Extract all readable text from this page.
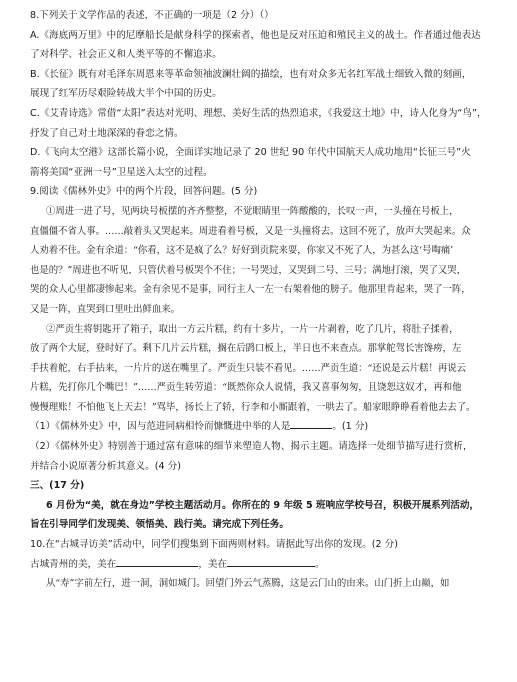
8.下列关于文学作品的表述，不正确的一项是（2 分）（）
A.《海底两万里》中的尼摩船长是献身科学的探索者，他也是反对压迫和殖民主义的战士。作者通过他表达
了对科学、社会正义和人类平等的不懈追求。
B.《长征》既有对毛泽东周恩来等革命领袖波澜壮阔的描绘，也有对众多无名红军战士细致入微的刻画，
展现了红军历尽艰险转战大半个中国的历史。
C.《艾青诗选》常借“太阳”表达对光明、理想、美好生活的热烈追求，《我爱这土地》中，诗人化身为“鸟”，
抒发了自己对土地深深的眷恋之情。
D.《飞向太空港》这部长篇小说，全面详实地记录了 20 世纪 90 年代中国航天人成功地用“长征三号”火
箭将美国“亚洲一号”卫星送入太空的过程。
9.阅读《儒林外史》中的两个片段，回答问题。(5 分)
①周进一进了号，见两块号板摆的齐齐整整，不觉眼睛里一阵酸酸的，长叹一声，一头撞在号板上，
直僵僵不省人事。……敲着头又哭起来。周进看着号板，又是一头撞将去。这回不死了，放声大哭起来。众
人劝着不住。金有余道：“你看，这不是疯了么？好好到贡院来耍，你家又不死了人，为甚么这‘号啕痛’
也是的？”周进也不听见，只管伏着号板哭个不住；一号哭过，又哭到二号、三号；满地打滚，哭了又哭，
哭的众人心里都凄惨起来。金有余见不是事，同行主人一左一右架着他的膀子。他那里肯起来，哭了一阵，
又是一阵，直哭到口里吐出鲜血来。
②严贡生将钥匙开了箱子，取出一方云片糕，约有十多片，一片一片剥着，吃了几片，将肚子揉着，
放了两个大屁，登时好了。剩下几片云片糕，搁在后鹍口板上，半日也不来查点。那掌舵驾长害馋痨，左
手扶着舵，右手拈来，一片片的送在嘴里了。严贡生只装不看见。……严贡生道：“还说是云片糕！再说云
片糕，先打你几个嘴巴！”……严贡生转劳道：“既然你众人说情，我又喜事匆匆，且饶恕这奴才，再和他
慢慢理账！不怕他飞上天去！”骂毕，扬长上了轿，行李和小厮跟着，一哄去了。船家眼睁睁看着他去去了。
（1）《儒林外史》中，因与范进同病相怜而慷慨进中举的人是	。(1 分)
（2）《儒林外史》特别善于通过富有意味的细节来塑造人物、揭示主题。请选择一处细节描写进行赏析，
并结合小说原著分析其意义。(4 分)
三、(17 分)
6 月份为“美，就在身边”学校主题活动月。你所在的 9 年级 5 班响应学校号召，积极开展系列活动，
旨在引导同学们发现美、领悟美、践行美。请完成下列任务。
10.在“古城寻访美”活动中，同学们搜集到下面两则材料。请据此写出你的发现。(2 分)
古城青州的美，美在	，美在	。
从“寿”字前左行，进一洞，洞如城门。回望门外云气蒸腾，这是云门山的由来。山门折上山巅，如
